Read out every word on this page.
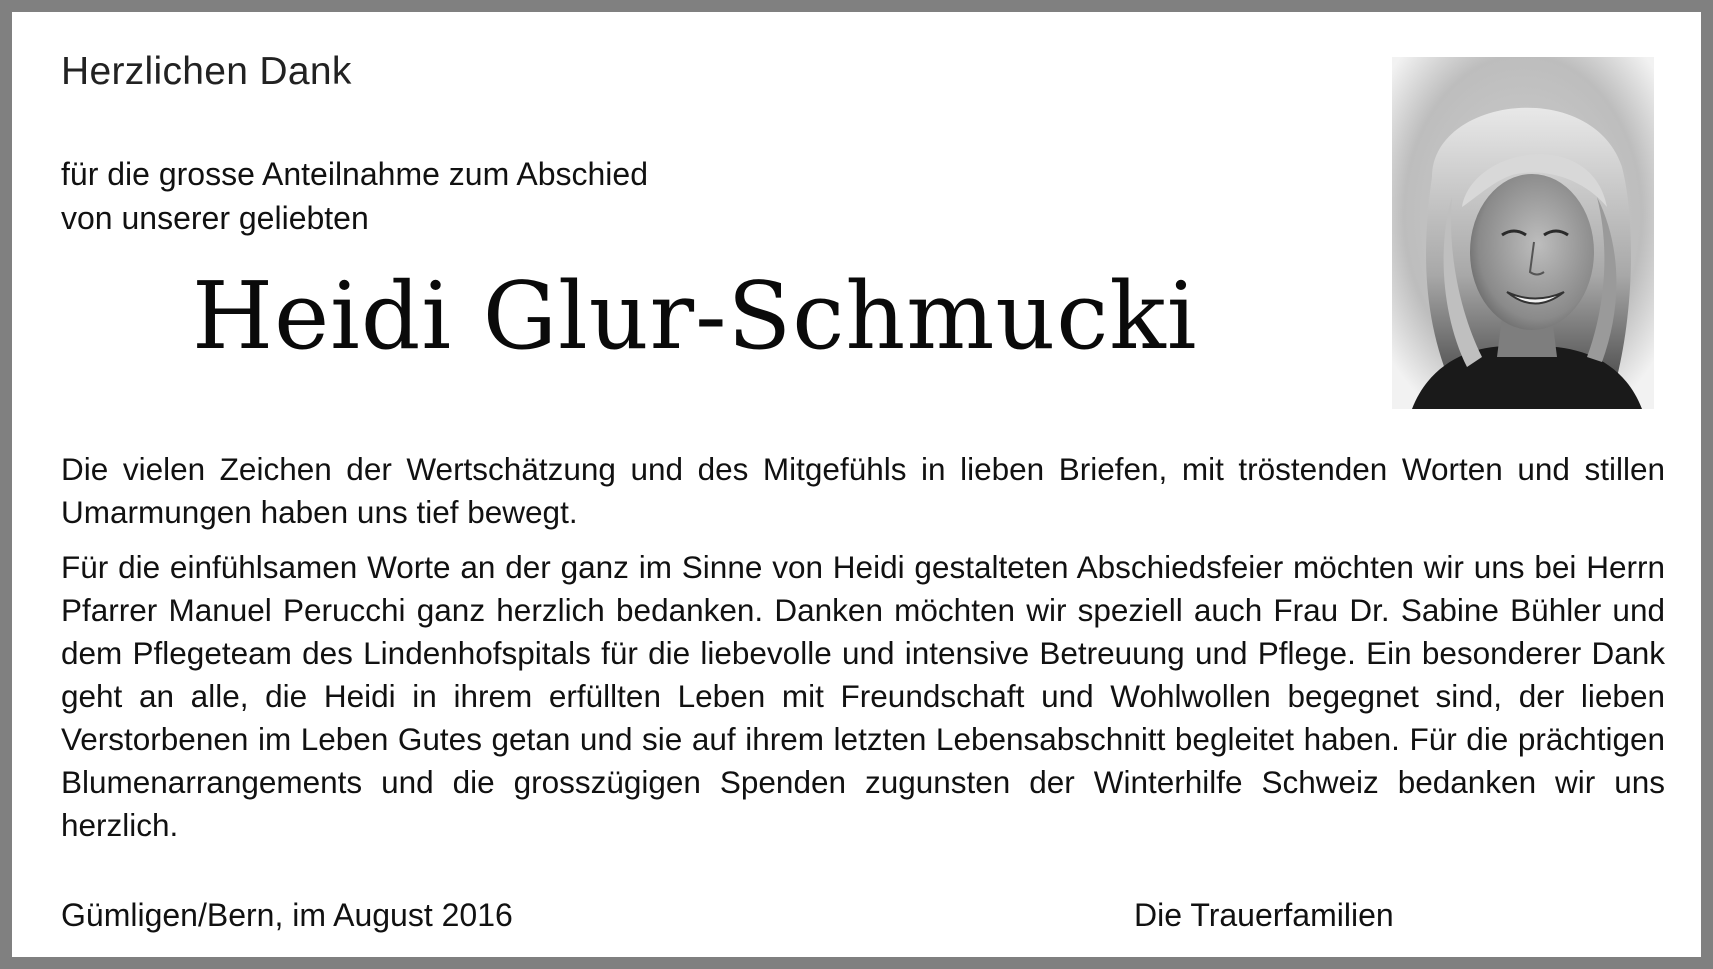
Herzlichen Dank
für die grosse Anteilnahme zum Abschied
von unserer geliebten
Heidi Glur-Schmucki

Die vielen Zeichen der Wertschätzung und des Mitgefühls in lieben Briefen, mit tröstenden Worten und stillen Umarmungen haben uns tief bewegt.

Für die einfühlsamen Worte an der ganz im Sinne von Heidi gestalteten Abschiedsfeier möchten wir uns bei Herrn Pfarrer Manuel Perucchi ganz herzlich bedanken. Danken möchten wir speziell auch Frau Dr. Sabine Bühler und dem Pflegeteam des Lindenhofspitals für die liebevolle und intensive Betreuung und Pflege. Ein besonderer Dank geht an alle, die Heidi in ihrem erfüllten Leben mit Freundschaft und Wohlwollen begegnet sind, der lieben Verstorbenen im Leben Gutes getan und sie auf ihrem letzten Lebensabschnitt begleitet haben. Für die prächtigen Blumenarrangements und die grosszügigen Spenden zugunsten der Winterhilfe Schweiz bedanken wir uns herzlich.

Gümligen/Bern, im August 2016	Die Trauerfamilien
